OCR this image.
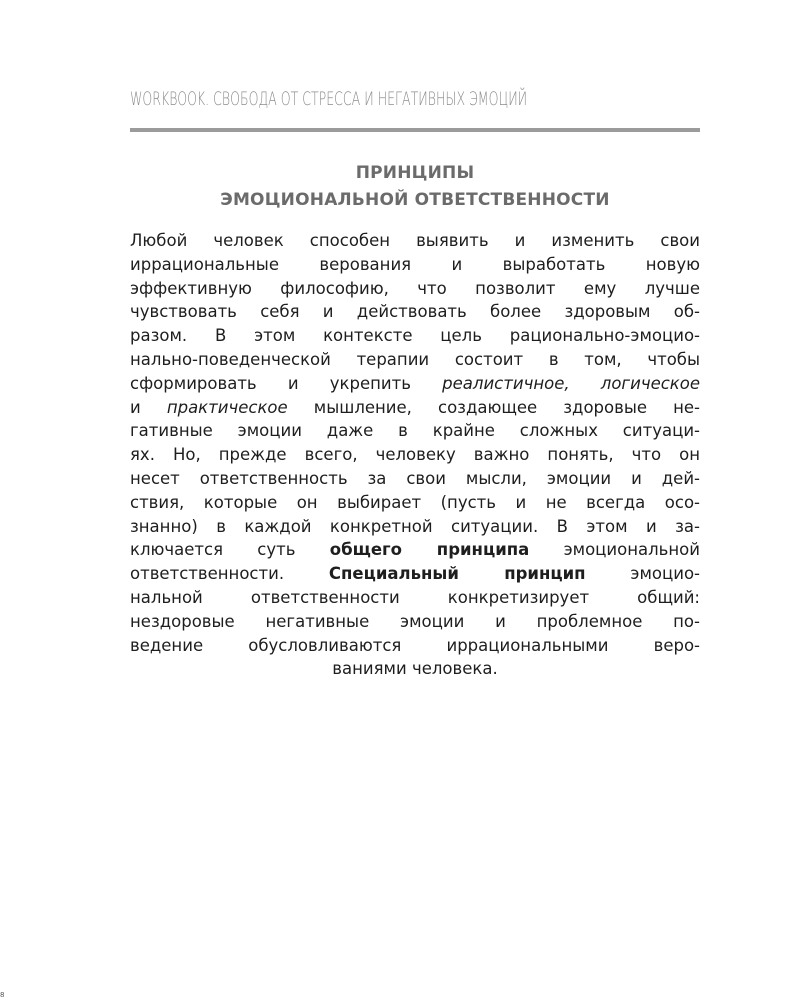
WORKBOOK. СВОБОДА ОТ СТРЕССА И НЕГАТИВНЫХ ЭМОЦИЙ
ПРИНЦИПЫ
ЭМОЦИОНАЛЬНОЙ ОТВЕТСТВЕННОСТИ
Любой человек способен выявить и изменить свои
иррациональные верования и выработать новую
эффективную философию, что позволит ему лучше
чувствовать себя и действовать более здоровым об-
разом. В этом контексте цель рационально-эмоцио-
нально-поведенческой терапии состоит в том, чтобы
сформировать и укрепить реалистичное, логическое
и практическое мышление, создающее здоровые не-
гативные эмоции даже в крайне сложных ситуаци-
ях. Но, прежде всего, человеку важно понять, что он
несет ответственность за свои мысли, эмоции и дей-
ствия, которые он выбирает (пусть и не всегда осо-
знанно) в каждой конкретной ситуации. В этом и за-
ключается суть общего принципа эмоциональной
ответственности. Специальный принцип эмоцио-
нальной ответственности конкретизирует общий:
нездоровые негативные эмоции и проблемное по-
ведение обусловливаются иррациональными веро-
ваниями человека.
8
